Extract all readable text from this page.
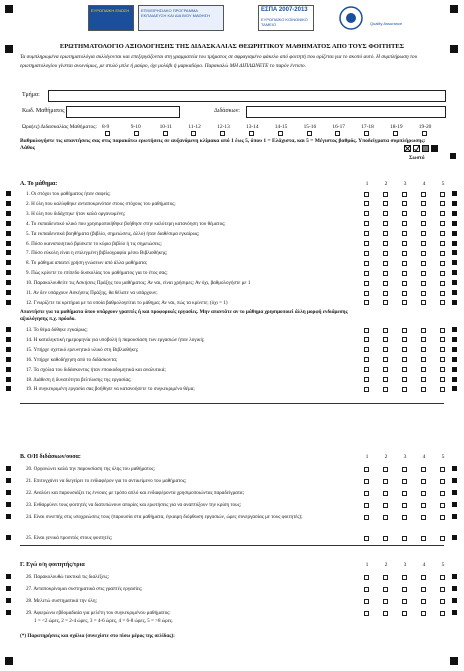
ΕΥΡΩΠΑΪΚΗ ΕΝΩΣΗ	ΕΠΙΧΕΙΡΗΣΙΑΚΟ ΠΡΟΓΡΑΜΜΑ ΕΚΠΑΙΔΕΥΣΗ ΚΑΙ ΔΙΑ ΒΙΟΥ ΜΑΘΗΣΗ
ΕΣΠΑ 2007-2013
ΕΥΡΩΠΑΪΚΟ ΚΟΙΝΩΝΙΚΟ ΤΑΜΕΙΟ	Quality Assurance
ΕΡΩΤΗΜΑΤΟΛΟΓΙΟ ΑΞΙΟΛΟΓΗΣΗΣ ΤΗΣ ΔΙΔΑΣΚΑΛΙΑΣ ΘΕΩΡΗΤΙΚΟΥ ΜΑΘΗΜΑΤΟΣ ΑΠΟ ΤΟΥΣ ΦΟΙΤΗΤΕΣ
Τα συμπληρωμένα ερωτηματολόγια συλλέγονται και επεξεργάζονται στη γραμματεία του τμήματος σε σφραγισμένο φάκελο από φοιτητή που ορίζεται για το σκοπό αυτό. Η συμπλήρωση του ερωτηματολογίου γίνεται ανωνύμως, με στυλό μπλε ή μαύρο, όχι μολύβι ή μαρκαδόρο. Παρακαλώ ΜΗ ΔΙΠΛΩΝΕΤΕ το παρόν έντυπο.
Τμήμα:
Κωδ. Μαθήματος :	Διδάσκων:
Ώρα(ες) Διδασκαλίας Μαθήματος:
Βαθμολογήστε τις απαντήσεις σας στις παρακάτω ερωτήσεις σε αυξανόμενη κλίμακα από 1 έως 5, όπου 1 = Ελάχιστα, και 5 = Μέγιστος βαθμός. Υποδείγματα συμπλήρωσης: Λάθος
Σωστό
8-9	9-10	10-11	11-12	12-13	13-14	14-15	15-16	16-17	17-18	18-19	19-20
Α. Το μάθημα:	1	2	3	4	5
1. Οι στόχοι του μαθήματος ήταν σαφείς;
2. Η ύλη που καλύφθηκε ανταποκρινόταν στους στόχους του μαθήματος;
3. Η ύλη που διδάχτηκε ήταν καλά οργανωμένη;
4. Το εκπαιδευτικό υλικό που χρησιμοποιήθηκε βοήθησε στην καλύτερη κατανόηση του θέματος;
5. Τα εκπαιδευτικά βοηθήματα (βιβλίο, σημειώσεις, άλλο) ήταν διαθέσιμα εγκαίρως;
6. Πόσο ικανοποιητικό βρίσκετε το κύριο βιβλίο ή τις σημειώσεις;
7. Πόσο εύκολη είναι η επιλεγμένη βιβλιογραφία μέσω Βιβλιοθήκης;
8. Το μάθημα απαιτεί χρήση γνώσεων από άλλα μαθήματα;
9. Πώς κρίνετε το επίπεδο δυσκολίας του μαθήματος για το έτος σας;
10. Παρακολουθείτε τις Ασκήσεις Πράξης του μαθήματος; Αν ναι, είναι χρήσιμες; Αν όχι, βαθμολογήστε με 1
11. Αν δεν υπάρχουν Ασκήσεις Πράξης, θα θέλατε να υπάρχουν;
12. Γνωρίζετε τα κριτήρια με τα οποία βαθμολογείται το μάθημα; Αν ναι, πώς τα κρίνετε; (όχι = 1)
Απαντήστε για τα μαθήματα όπου υπάρχουν γραπτές ή και προφορικές εργασίες. Μην απαντάτε αν το μάθημα χρησιμοποιεί άλλη μορφή ενδιάμεσης αξιολόγησης π.χ. πρόοδο.
13. Το θέμα δόθηκε εγκαίρως;
14. Η καταληκτική ημερομηνία για υποβολή ή παρουσίαση των εργασιών ήταν λογική;
15. Υπήρχε σχετικό ερευνητικό υλικό στη Βιβλιοθήκη;
16. Υπήρχε καθοδήγηση από το διδάσκοντα;
17. Τα σχόλια του διδάσκοντος ήταν εποικοδομητικά και αναλυτικά;
18. Διάθεση ή δυνατότητα βελτίωσης της εργασίας;
19. Η συγκεκριμένη εργασία σας βοήθησε να κατανοήσετε το συγκεκριμένο θέμα;
Β. Ο/Η διδάσκων/ουσα:	1	2	3	4	5
20. Οργανώνει καλά την παρουσίαση της ύλης του μαθήματος;
21. Επιτυγχάνει να διεγείρει το ενδιαφέρον για το αντικείμενο του μαθήματος;
22. Αναλύει και παρουσιάζει τις έννοιες με τρόπο απλό και ενδιαφέροντα χρησιμοποιώντας παραδείγματα;
23. Ενθαρρύνει τους φοιτητές να διατυπώνουν απορίες και ερωτήσεις για να αναπτύξουν την κρίση τους;
24. Είναι συνεπής στις υποχρεώσεις τους (παρουσία στα μαθήματα, έγκαιρη διόρθωση εργασιών, ώρες συνεργασίας με τους φοιτητές);
25. Είναι γενικά προσιτός στους φοιτητές;
Γ. Εγώ ο/η φοιτητής/τρια	1	2	3	4	5
26. Παρακολουθώ τακτικά τις διαλέξεις;
27. Ανταποκρίνομαι συστηματικά στις γραπτές εργασίες;
28. Μελετώ συστηματικά την ύλη;
29. Αφιερώνω εβδομαδιαία για μελέτη του συγκεκριμένου μαθήματος:
1 = <2 ώρες, 2 = 2-4 ώρες, 3 = 4-6 ώρες, 4 = 6-8 ώρες, 5 = >8 ώρες.
(*) Παρατηρήσεις και σχόλια (συνεχίστε στο πίσω μέρος της σελίδας):
